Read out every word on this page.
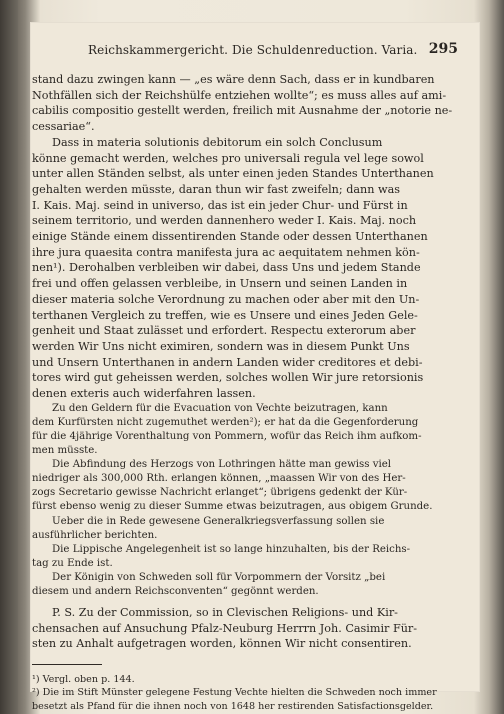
Reichskammergericht. Die Schuldenreduction. Varia. 295

stand dazu zwingen kann — „es wäre denn Sach, dass er in kundbaren

Nothfällen sich der Reichshülfe entziehen wollte“; es muss alles auf ami-

cabilis compositio gestellt werden, freilich mit Ausnahme der „notorie ne-

cessariae“.

Dass in materia solutionis debitorum ein solch Conclusum

könne gemacht werden, welches pro universali regula vel lege sowol

unter allen Ständen selbst, als unter einen jeden Standes Unterthanen

gehalten werden müsste, daran thun wir fast zweifeln; dann was

I. Kais. Maj. seind in universo, das ist ein jeder Chur- und Fürst in

seinem territorio, und werden dannenhero weder I. Kais. Maj. noch

einige Stände einem dissentirenden Stande oder dessen Unterthanen

ihre jura quaesita contra manifesta jura ac aequitatem nehmen kön-

nen¹). Derohalben verbleiben wir dabei, dass Uns und jedem Stande

frei und offen gelassen verbleibe, in Unsern und seinen Landen in

dieser materia solche Verordnung zu machen oder aber mit den Un-

terthanen Vergleich zu treffen, wie es Unsere und eines Jeden Gele-

genheit und Staat zulässet und erfordert. Respectu exterorum aber

werden Wir Uns nicht eximiren, sondern was in diesem Punkt Uns

und Unsern Unterthanen in andern Landen wider creditores et debi-

tores wird gut geheissen werden, solches wollen Wir jure retorsionis

denen exteris auch widerfahren lassen.

Zu den Geldern für die Evacuation von Vechte beizutragen, kann

dem Kurfürsten nicht zugemuthet werden²); er hat da die Gegenforderung

für die 4jährige Vorenthaltung von Pommern, wofür das Reich ihm aufkom-

men müsste.

Die Abfindung des Herzogs von Lothringen hätte man gewiss viel

niedriger als 300,000 Rth. erlangen können, „maassen Wir von des Her-

zogs Secretario gewisse Nachricht erlanget“; übrigens gedenkt der Kür-

fürst ebenso wenig zu dieser Summe etwas beizutragen, aus obigem Grunde.

Ueber die in Rede gewesene Generalkriegsverfassung sollen sie

ausführlicher berichten.

Die Lippische Angelegenheit ist so lange hinzuhalten, bis der Reichs-

tag zu Ende ist.

Der Königin von Schweden soll für Vorpommern der Vorsitz „bei

diesem und andern Reichsconventen“ gegönnt werden.

P. S. Zu der Commission, so in Clevischen Religions- und Kir-

chensachen auf Ansuchung Pfalz-Neuburg Herrrn Joh. Casimir Für-

sten zu Anhalt aufgetragen worden, können Wir nicht consentiren.

¹) Vergl. oben p. 144.

²) Die im Stift Münster gelegene Festung Vechte hielten die Schweden noch immer besetzt als Pfand für die ihnen noch von 1648 her restirenden Satisfactionsgelder.
